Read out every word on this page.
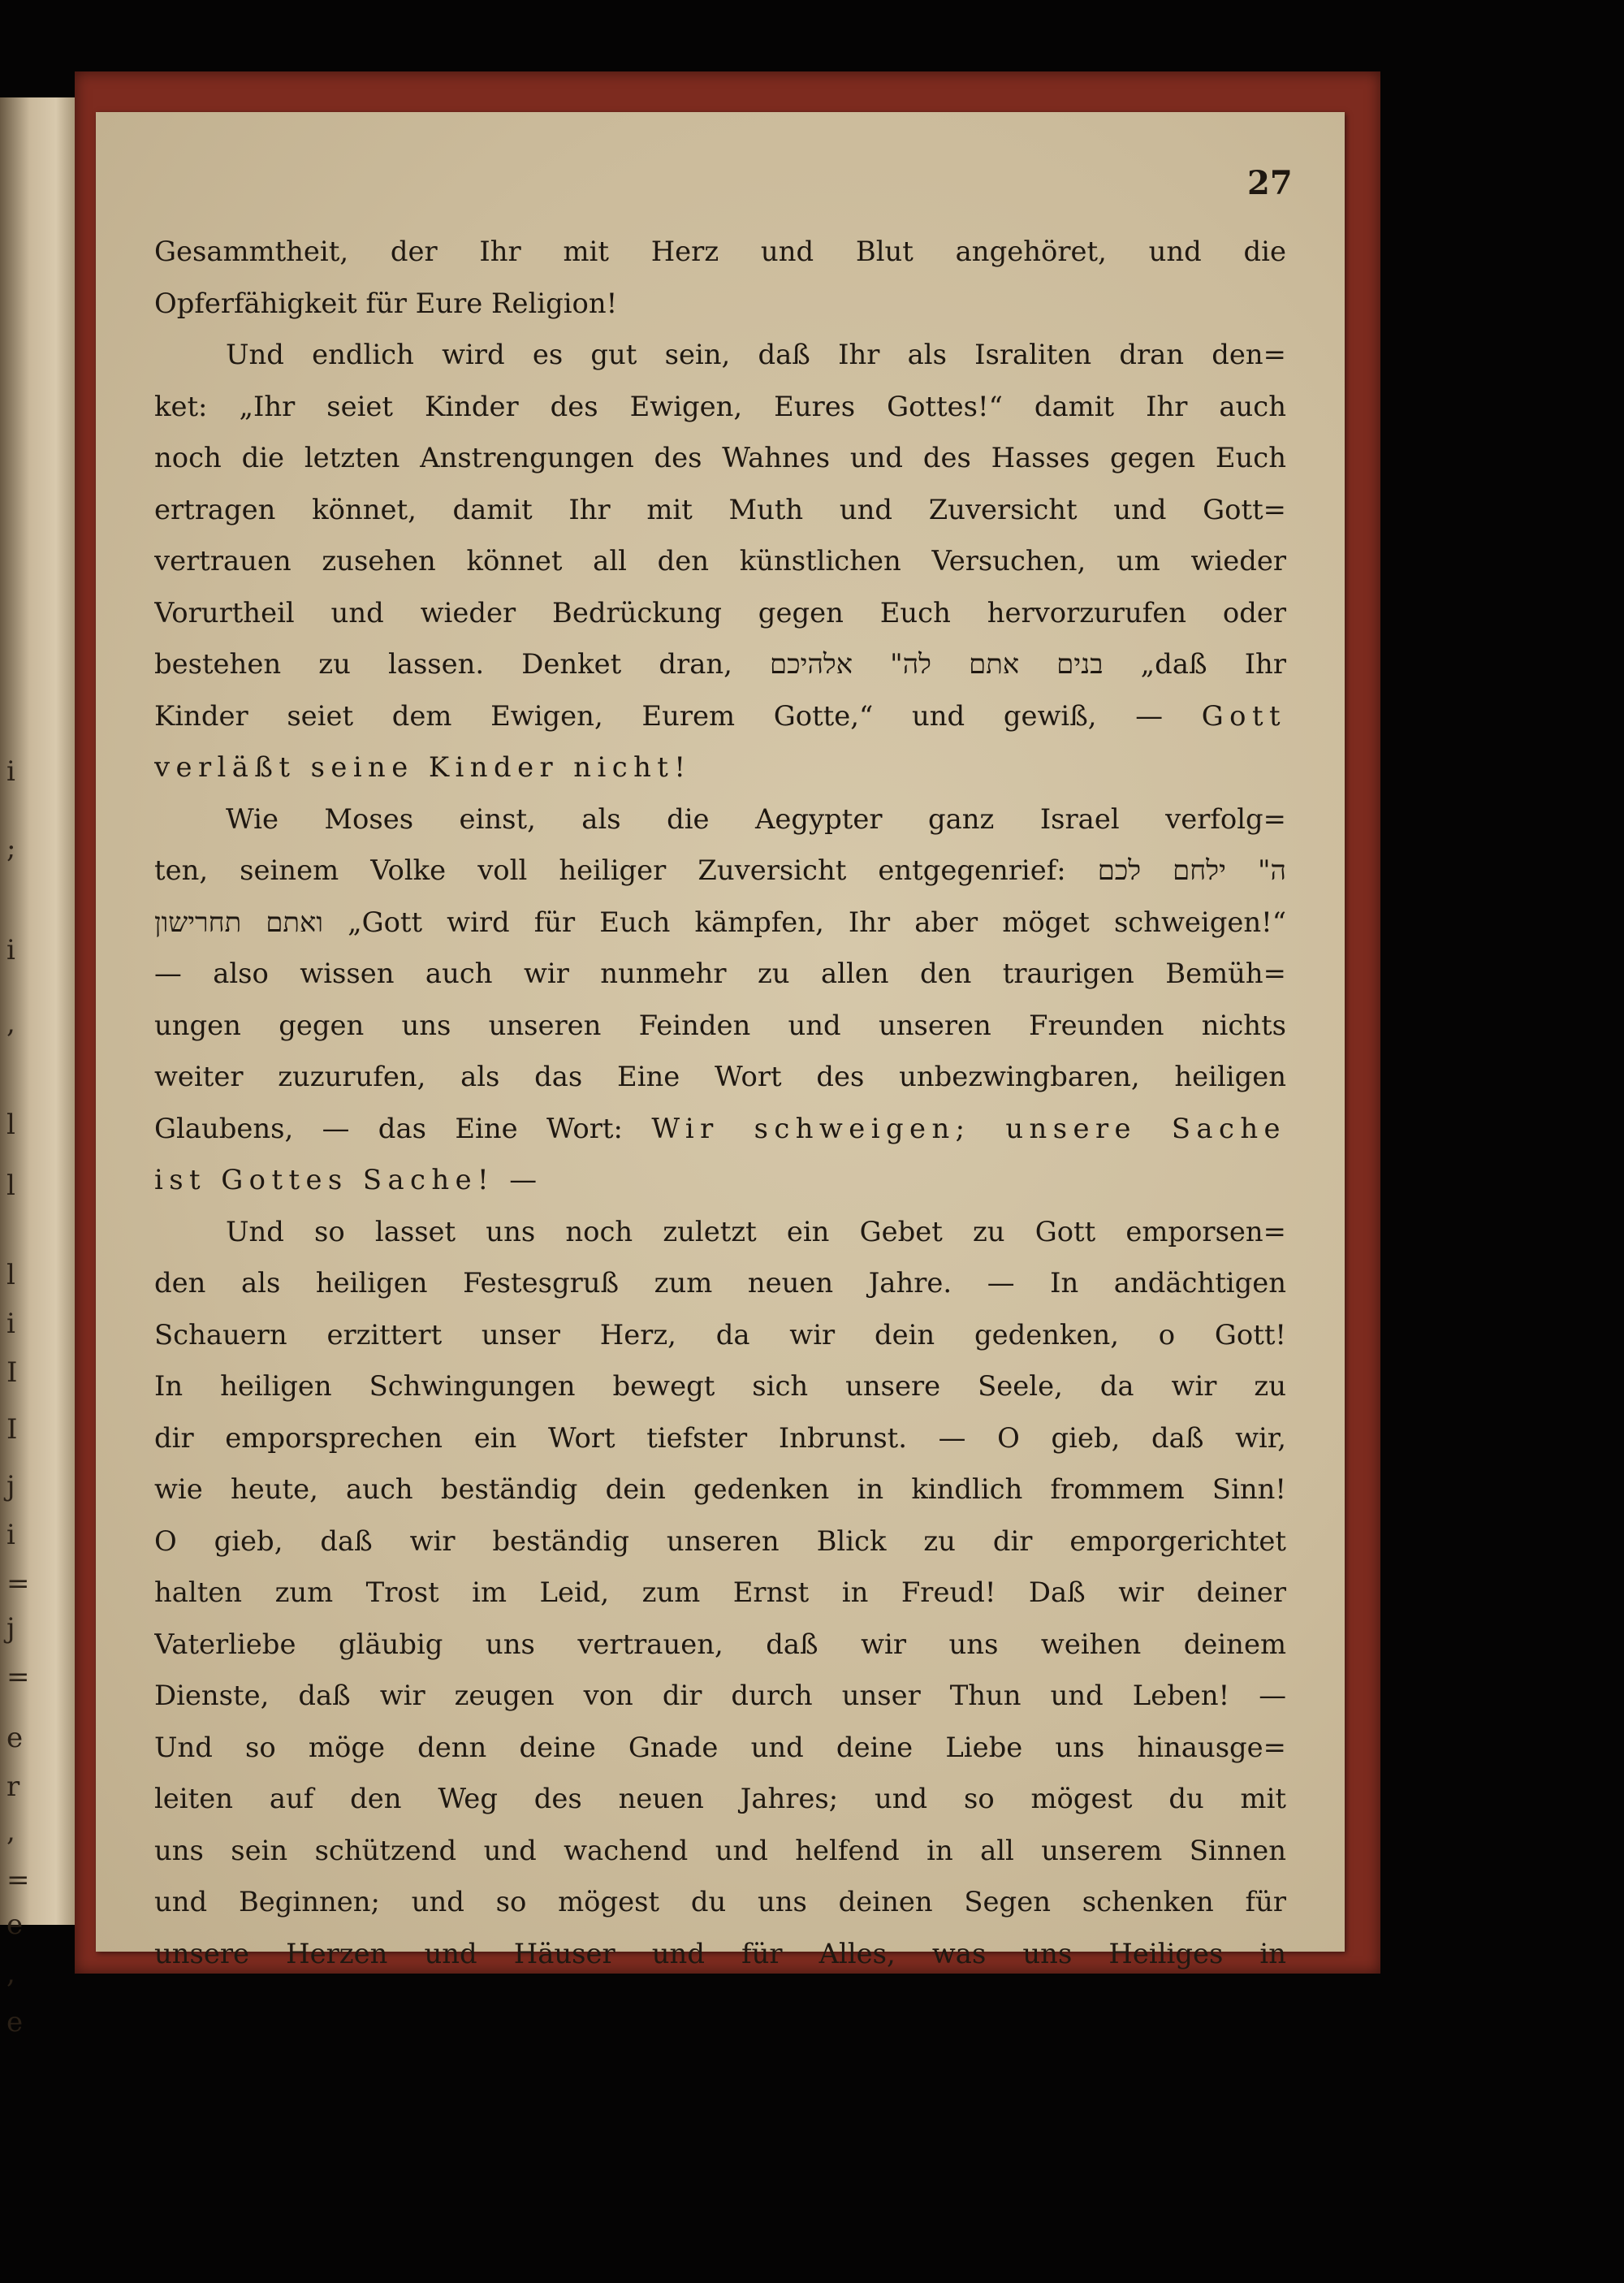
i
;
i
,
l
l
l
i
I
I
j
i
=
j
=
e
r
,
=
e
,
e
27
Gesammtheit, der Ihr mit Herz und Blut angehöret, und die
Opferfähigkeit für Eure Religion!
Und endlich wird es gut sein, daß Ihr als Israliten dran den=
ket: „Ihr seiet Kinder des Ewigen, Eures Gottes!“ damit Ihr auch
noch die letzten Anstrengungen des Wahnes und des Hasses gegen Euch
ertragen könnet, damit Ihr mit Muth und Zuversicht und Gott=
vertrauen zusehen könnet all den künstlichen Versuchen, um wieder
Vorurtheil und wieder Bedrückung gegen Euch hervorzurufen oder
bestehen zu lassen. Denket dran, בנים אתם לה" אלהיכם „daß Ihr
Kinder seiet dem Ewigen, Eurem Gotte,“ und gewiß, — Gott
verläßt seine Kinder nicht!
Wie Moses einst, als die Aegypter ganz Israel verfolg=
ten, seinem Volke voll heiliger Zuversicht entgegenrief: ה" ילחם לכם
ואתם תחרישון „Gott wird für Euch kämpfen, Ihr aber möget schweigen!“
— also wissen auch wir nunmehr zu allen den traurigen Bemüh=
ungen gegen uns unseren Feinden und unseren Freunden nichts
weiter zuzurufen, als das Eine Wort des unbezwingbaren, heiligen
Glaubens, — das Eine Wort: Wir schweigen; unsere Sache
ist Gottes Sache! —
Und so lasset uns noch zuletzt ein Gebet zu Gott emporsen=
den als heiligen Festesgruß zum neuen Jahre. — In andächtigen
Schauern erzittert unser Herz, da wir dein gedenken, o Gott!
In heiligen Schwingungen bewegt sich unsere Seele, da wir zu
dir emporsprechen ein Wort tiefster Inbrunst. — O gieb, daß wir,
wie heute, auch beständig dein gedenken in kindlich frommem Sinn!
O gieb, daß wir beständig unseren Blick zu dir emporgerichtet
halten zum Trost im Leid, zum Ernst in Freud! Daß wir deiner
Vaterliebe gläubig uns vertrauen, daß wir uns weihen deinem
Dienste, daß wir zeugen von dir durch unser Thun und Leben! —
Und so möge denn deine Gnade und deine Liebe uns hinausge=
leiten auf den Weg des neuen Jahres; und so mögest du mit
uns sein schützend und wachend und helfend in all unserem Sinnen
und Beginnen; und so mögest du uns deinen Segen schenken für
unsere Herzen und Häuser und für Alles, was uns Heiliges in
